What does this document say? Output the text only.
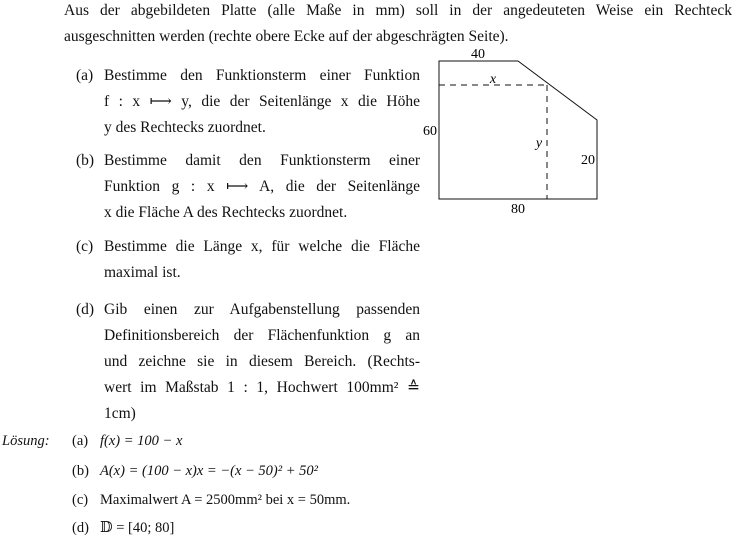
Aus der abgebildeten Platte (alle Maße in mm) soll in der angedeuteten Weise ein Rechteck
ausgeschnitten werden (rechte obere Ecke auf der abgeschrägten Seite).
(a) Bestimme den Funktionsterm einer Funktion
f : x ⟼ y, die der Seitenlänge x die Höhe
y des Rechtecks zuordnet.
(b) Bestimme damit den Funktionsterm einer
Funktion g : x ⟼ A, die der Seitenlänge
x die Fläche A des Rechtecks zuordnet.
(c) Bestimme die Länge x, für welche die Fläche
maximal ist.
(d) Gib einen zur Aufgabenstellung passenden
Definitionsbereich der Flächenfunktion g an
und zeichne sie in diesem Bereich. (Rechts-
wert im Maßstab 1 : 1, Hochwert 100mm² ≙
1cm)
40
60
20
80
x
y
Lösung: (a) f(x) = 100 − x
(b) A(x) = (100 − x)x = −(x − 50)² + 50²
(c) Maximalwert A = 2500mm² bei x = 50mm.
(d) 𝔻 = [40; 80]
